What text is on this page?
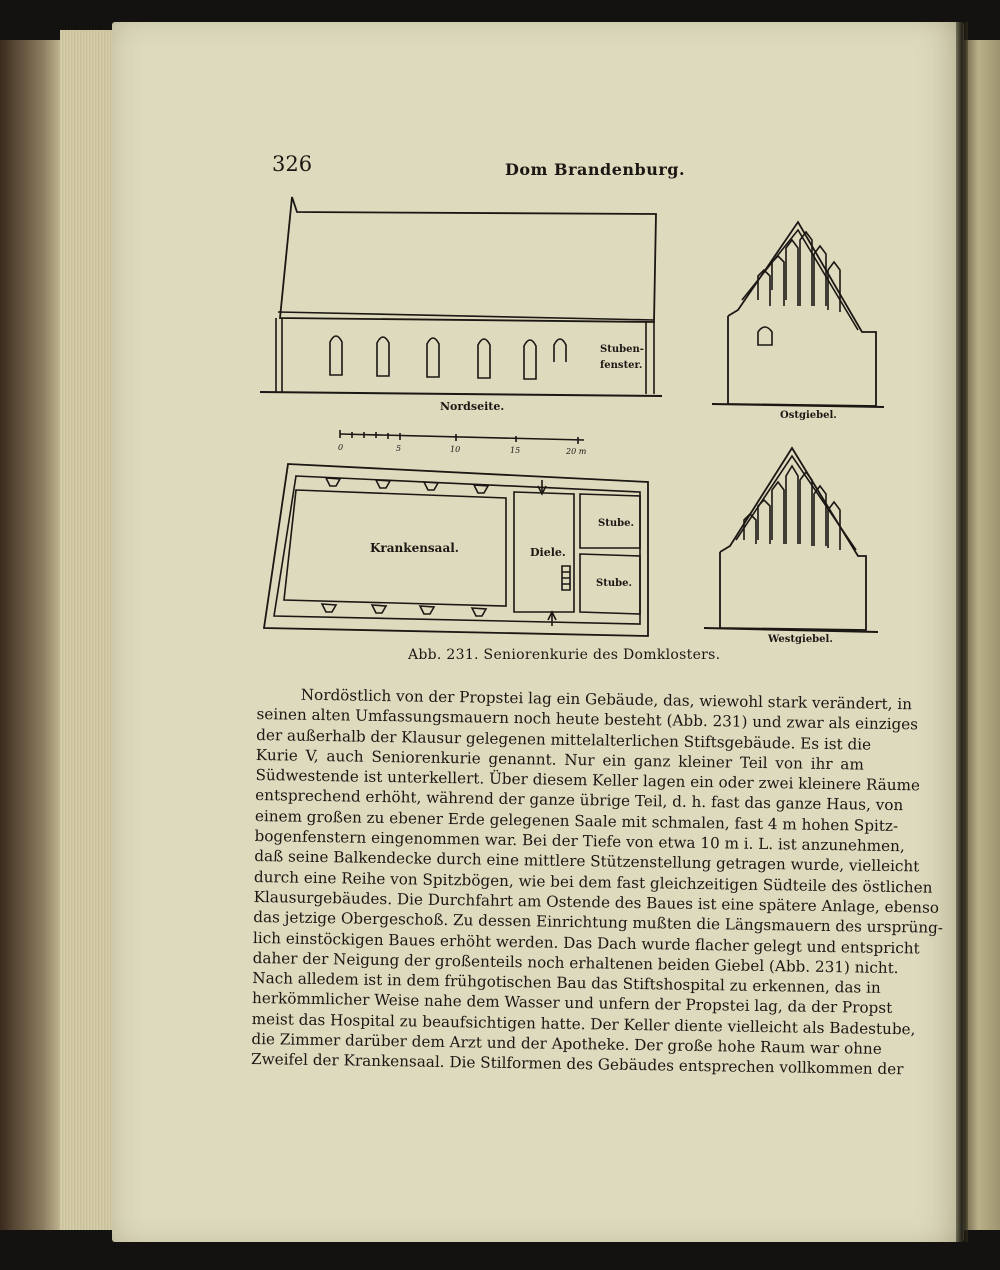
326	Dom Brandenburg.
Nordseite.
Ostgiebel.
Westgiebel.
Stuben-fenster.
Krankensaal.	Diele.
Stube.
Stube.
0	5	10	15	20 m
Abb. 231. Seniorenkurie des Domklosters.
Nordöstlich von der Propstei lag ein Gebäude, das, wiewohl stark verändert, in
seinen alten Umfassungsmauern noch heute besteht (Abb. 231) und zwar als einziges
der außerhalb der Klausur gelegenen mittelalterlichen Stiftsgebäude. Es ist die
Kurie V, auch Seniorenkurie genannt. Nur ein ganz kleiner Teil von ihr am
Südwestende ist unterkellert. Über diesem Keller lagen ein oder zwei kleinere Räume
entsprechend erhöht, während der ganze übrige Teil, d. h. fast das ganze Haus, von
einem großen zu ebener Erde gelegenen Saale mit schmalen, fast 4 m hohen Spitz-
bogenfenstern eingenommen war. Bei der Tiefe von etwa 10 m i. L. ist anzunehmen,
daß seine Balkendecke durch eine mittlere Stützenstellung getragen wurde, vielleicht
durch eine Reihe von Spitzbögen, wie bei dem fast gleichzeitigen Südteile des östlichen
Klausurgebäudes. Die Durchfahrt am Ostende des Baues ist eine spätere Anlage, ebenso
das jetzige Obergeschoß. Zu dessen Einrichtung mußten die Längsmauern des ursprüng-
lich einstöckigen Baues erhöht werden. Das Dach wurde flacher gelegt und entspricht
daher der Neigung der großenteils noch erhaltenen beiden Giebel (Abb. 231) nicht.
Nach alledem ist in dem frühgotischen Bau das Stiftshospital zu erkennen, das in
herkömmlicher Weise nahe dem Wasser und unfern der Propstei lag, da der Propst
meist das Hospital zu beaufsichtigen hatte. Der Keller diente vielleicht als Badestube,
die Zimmer darüber dem Arzt und der Apotheke. Der große hohe Raum war ohne
Zweifel der Krankensaal. Die Stilformen des Gebäudes entsprechen vollkommen der
